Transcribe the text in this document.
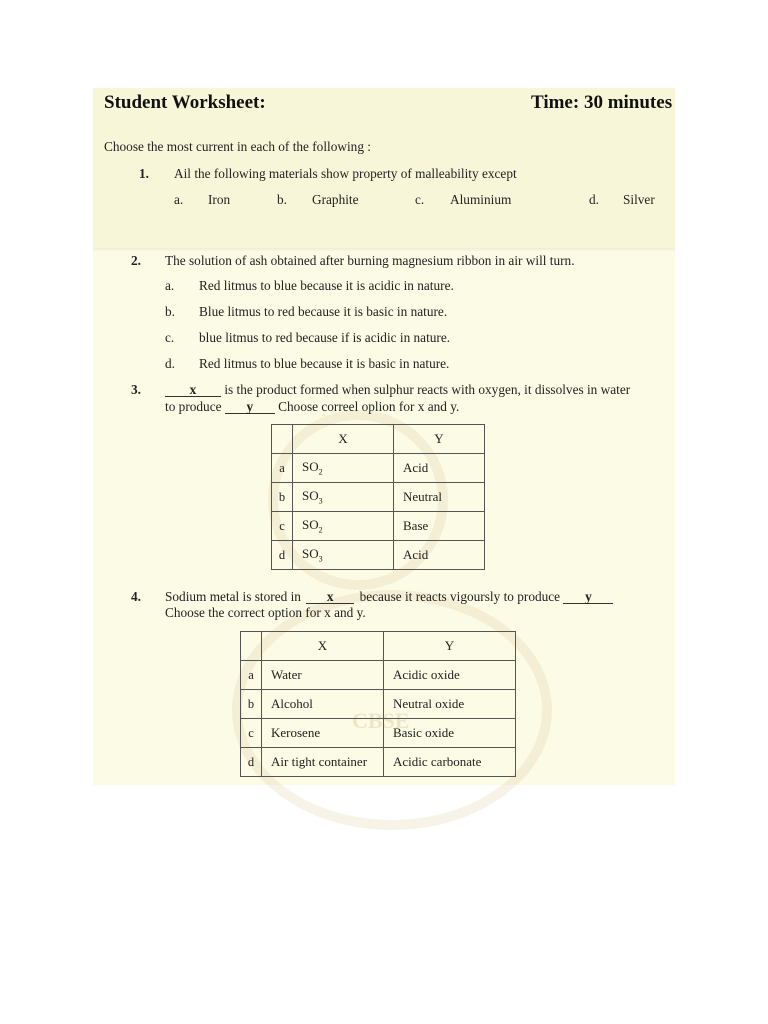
CBSE
Student Worksheet:	Time: 30 minutes
Choose the most current in each of the following :
1. Ail the following materials show property of malleability except
a. Iron	b. Graphite	c. Aluminium	d. Silver
2. The solution of ash obtained after burning magnesium ribbon in air will turn.
a. Red litmus to blue because it is acidic in nature.
b. Blue litmus to red because it is basic in nature.
c. blue litmus to red because if is acidic in nature.
d. Red litmus to blue because it is basic in nature.
3.	x is the product formed when sulphur reacts with oxygen, it dissolves in water
to produce y Choose correel oplion for x and y.
	X	Y
a	$SO_2$	Acid
b	$SO_3$	Neutral
c	$SO_2$	Base
d	$SO_3$	Acid
4. Sodium metal is stored in x because it reacts vigoursly to produce y
Choose the correct option for x and y.
	X	Y
a	Water	Acidic oxide
b	Alcohol	Neutral oxide
c	Kerosene	Basic oxide
d	Air tight container	Acidic carbonate
